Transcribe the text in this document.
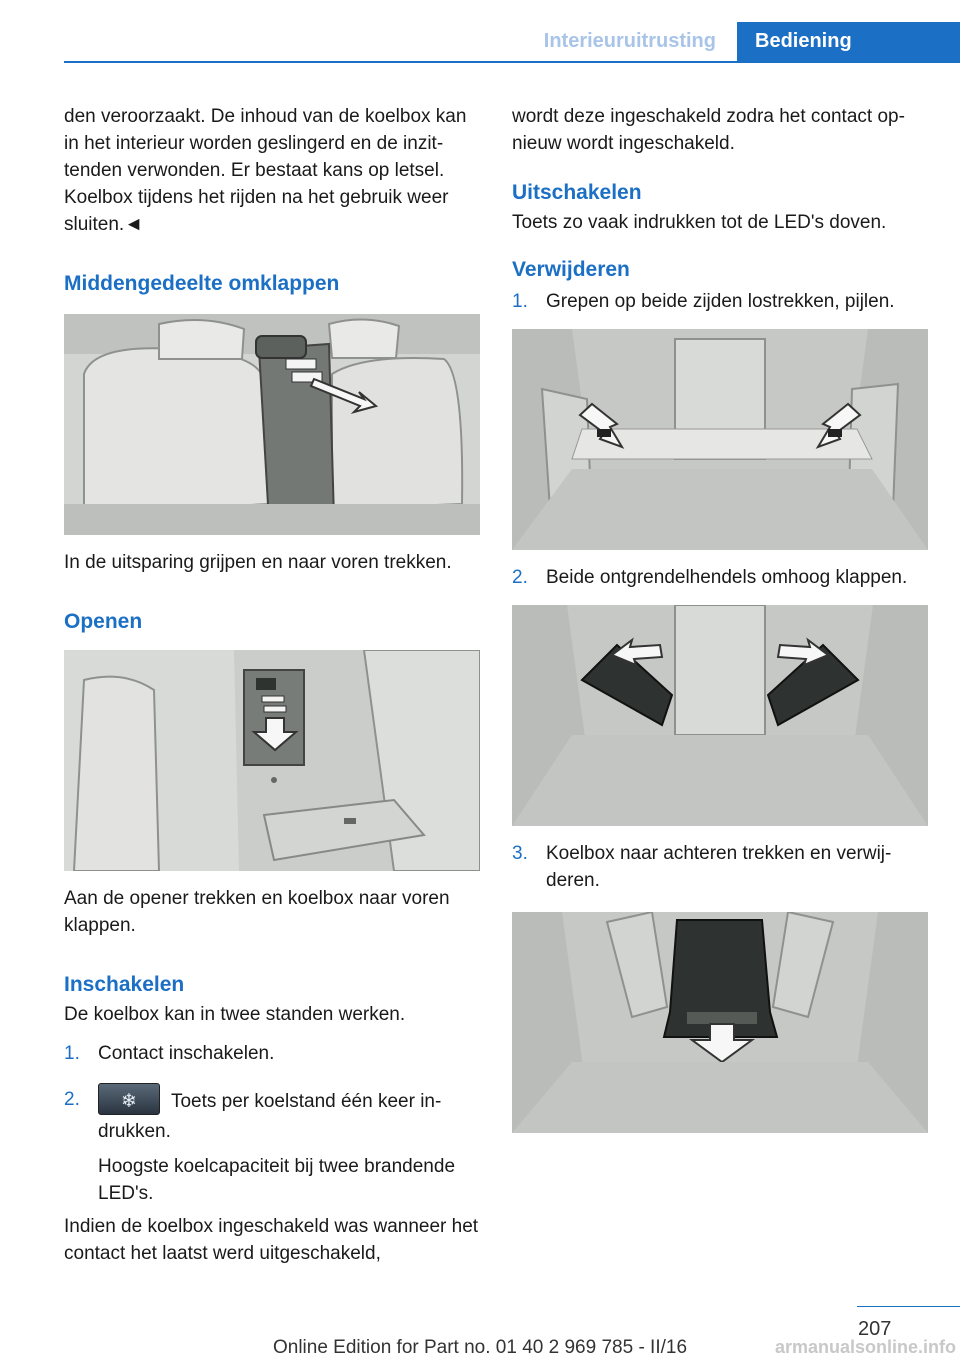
Interieuruitrusting	Bediening

den veroorzaakt. De inhoud van de koelbox kan in het interieur worden geslingerd en de inzit‐tenden verwonden. Er bestaat kans op letsel. Koelbox tijdens het rijden na het gebruik weer sluiten.◄

Middengedeelte omklappen

In de uitsparing grijpen en naar voren trekken.

Openen

Aan de opener trekken en koelbox naar voren klappen.

Inschakelen

De koelbox kan in twee standen werken.

1. Contact inschakelen.
2.	❄	Toets per koelstand één keer in‐drukken.
Hoogste koelcapaciteit bij twee brandende LED's.

Indien de koelbox ingeschakeld was wanneer het contact het laatst werd uitgeschakeld,

wordt deze ingeschakeld zodra het contact op‐nieuw wordt ingeschakeld.

Uitschakelen

Toets zo vaak indrukken tot de LED's doven.

Verwijderen
1. Grepen op beide zijden lostrekken, pijlen.
2. Beide ontgrendelhendels omhoog klappen.
3. Koelbox naar achteren trekken en verwij‐deren.
207
Online Edition for Part no. 01 40 2 969 785 - II/16	armanualsonline.info
